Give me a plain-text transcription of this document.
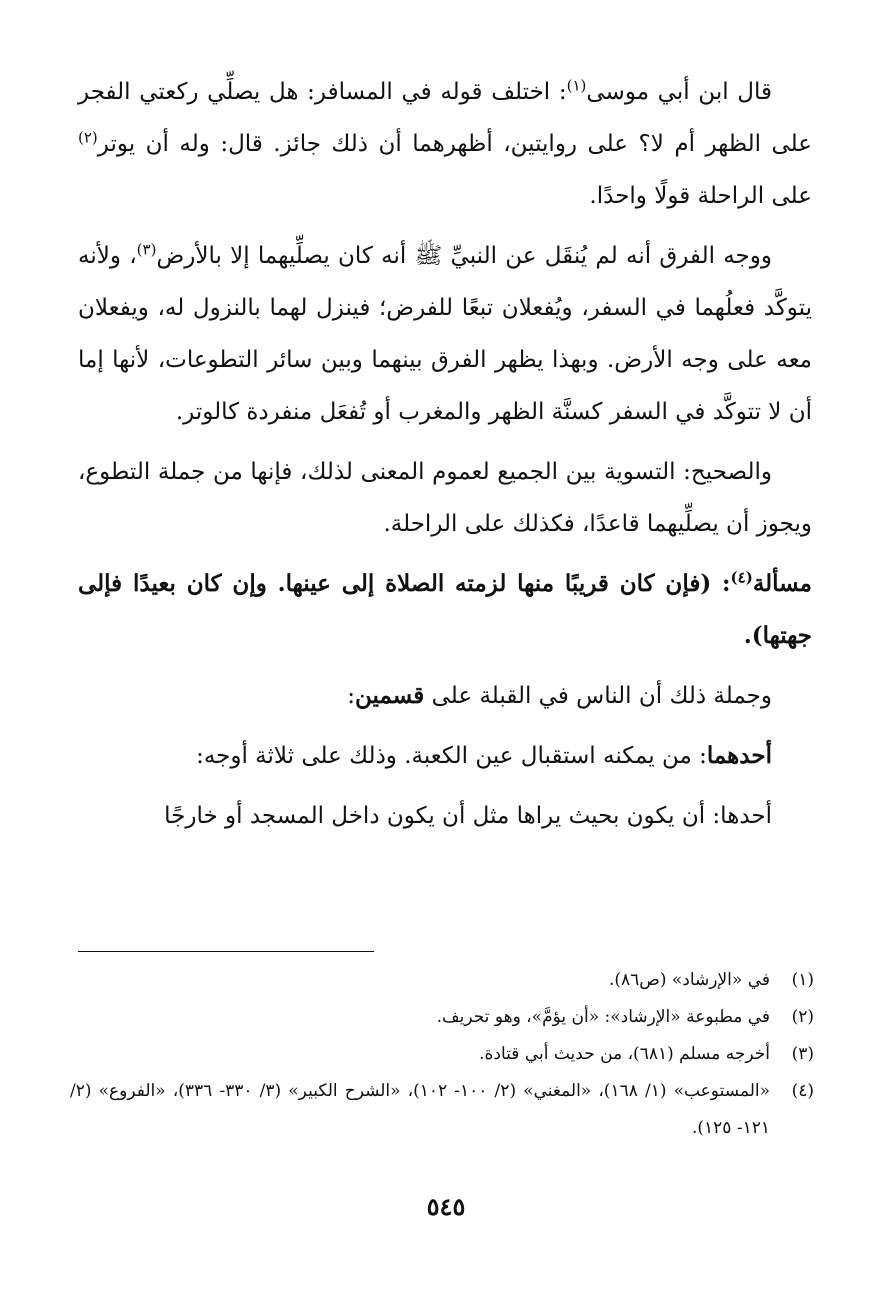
قال ابن أبي موسى$^{(١)}$: اختلف قوله في المسافر: هل يصلِّي ركعتي الفجر على الظهر أم لا؟ على روايتين، أظهرهما أن ذلك جائز. قال: وله أن يوتر$^{(٢)}$ على الراحلة قولًا واحدًا.

ووجه الفرق أنه لم يُنقَل عن النبيِّ ﷺ أنه كان يصلِّيهما إلا بالأرض$^{(٣)}$، ولأنه يتوكَّد فعلُهما في السفر، ويُفعلان تبعًا للفرض؛ فينزل لهما بالنزول له، ويفعلان معه على وجه الأرض. وبهذا يظهر الفرق بينهما وبين سائر التطوعات، لأنها إما أن لا تتوكَّد في السفر كسنَّة الظهر والمغرب أو تُفعَل منفردة كالوتر.

والصحيح: التسوية بين الجميع لعموم المعنى لذلك، فإنها من جملة التطوع، ويجوز أن يصلِّيهما قاعدًا، فكذلك على الراحلة.

مسألة$^{(٤)}$: (فإن كان قريبًا منها لزمته الصلاة إلى عينها. وإن كان بعيدًا فإلى جهتها).

وجملة ذلك أن الناس في القبلة على قسمين:

أحدهما: من يمكنه استقبال عين الكعبة. وذلك على ثلاثة أوجه:

أحدها: أن يكون بحيث يراها مثل أن يكون داخل المسجد أو خارجًا

(١)
في «الإرشاد» (ص٨٦).
(٢)
في مطبوعة «الإرشاد»: «أن يؤمَّ»، وهو تحريف.
(٣)
أخرجه مسلم (٦٨١)، من حديث أبي قتادة.
(٤)
«المستوعب» (١/ ١٦٨)، «المغني» (٢/ ١٠٠- ١٠٢)، «الشرح الكبير» (٣/ ٣٣٠- ٣٣٦)، «الفروع» (٢/ ١٢١- ١٢٥).
٥٤٥
